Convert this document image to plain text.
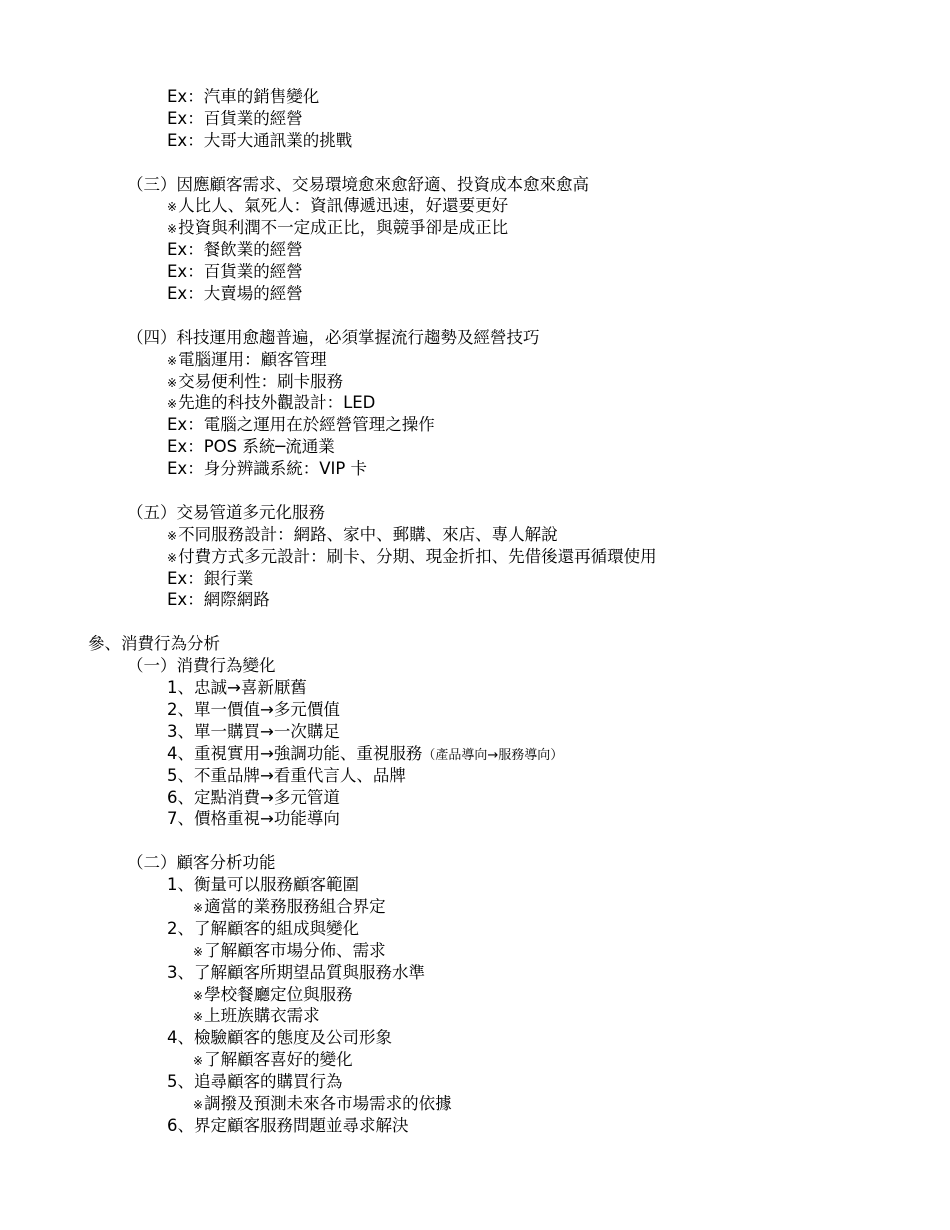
Ex：汽車的銷售變化
Ex：百貨業的經營
Ex：大哥大通訊業的挑戰
（三）因應顧客需求、交易環境愈來愈舒適、投資成本愈來愈高
※人比人、氣死人：資訊傳遞迅速，好還要更好
※投資與利潤不一定成正比，與競爭卻是成正比
Ex：餐飲業的經營
Ex：百貨業的經營
Ex：大賣場的經營
（四）科技運用愈趨普遍，必須掌握流行趨勢及經營技巧
※電腦運用：顧客管理
※交易便利性：刷卡服務
※先進的科技外觀設計：LED
Ex：電腦之運用在於經營管理之操作
Ex：POS 系統─流通業
Ex：身分辨識系統：VIP 卡
（五）交易管道多元化服務
※不同服務設計：網路、家中、郵購、來店、專人解說
※付費方式多元設計：刷卡、分期、現金折扣、先借後還再循環使用
Ex：銀行業
Ex：網際網路
參、消費行為分析
（一）消費行為變化
1、忠誠→喜新厭舊
2、單一價值→多元價值
3、單一購買→一次購足
4、重視實用→強調功能、重視服務（產品導向→服務導向）
5、不重品牌→看重代言人、品牌
6、定點消費→多元管道
7、價格重視→功能導向
（二）顧客分析功能
1、衡量可以服務顧客範圍
※適當的業務服務組合界定
2、了解顧客的組成與變化
※了解顧客市場分佈、需求
3、了解顧客所期望品質與服務水準
※學校餐廳定位與服務
※上班族購衣需求
4、檢驗顧客的態度及公司形象
※了解顧客喜好的變化
5、追尋顧客的購買行為
※調撥及預測未來各市場需求的依據
6、界定顧客服務問題並尋求解決
